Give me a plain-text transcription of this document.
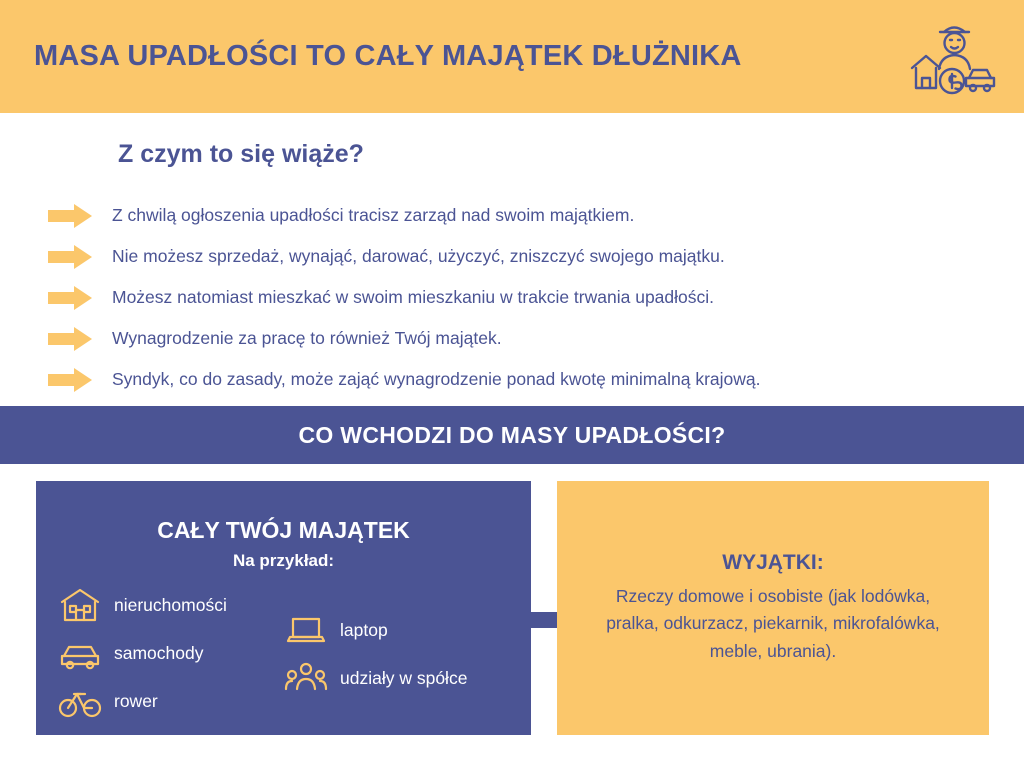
MASA UPADŁOŚCI TO CAŁY MAJĄTEK DŁUŻNIKA
Z czym to się wiąże?
Z chwilą ogłoszenia upadłości tracisz zarząd nad swoim majątkiem.
Nie możesz sprzedaż, wynająć, darować, użyczyć, zniszczyć swojego majątku.
Możesz natomiast mieszkać w swoim mieszkaniu w trakcie trwania upadłości.
Wynagrodzenie za pracę to również Twój majątek.
Syndyk, co do zasady, może zająć wynagrodzenie ponad kwotę minimalną krajową.
CO WCHODZI DO MASY UPADŁOŚCI?
CAŁY TWÓJ MAJĄTEK
Na przykład:
nieruchomości
samochody
rower
laptop
udziały w spółce
WYJĄTKI:
Rzeczy domowe i osobiste (jak lodówka, pralka, odkurzacz, piekarnik, mikrofalówka, meble, ubrania).
